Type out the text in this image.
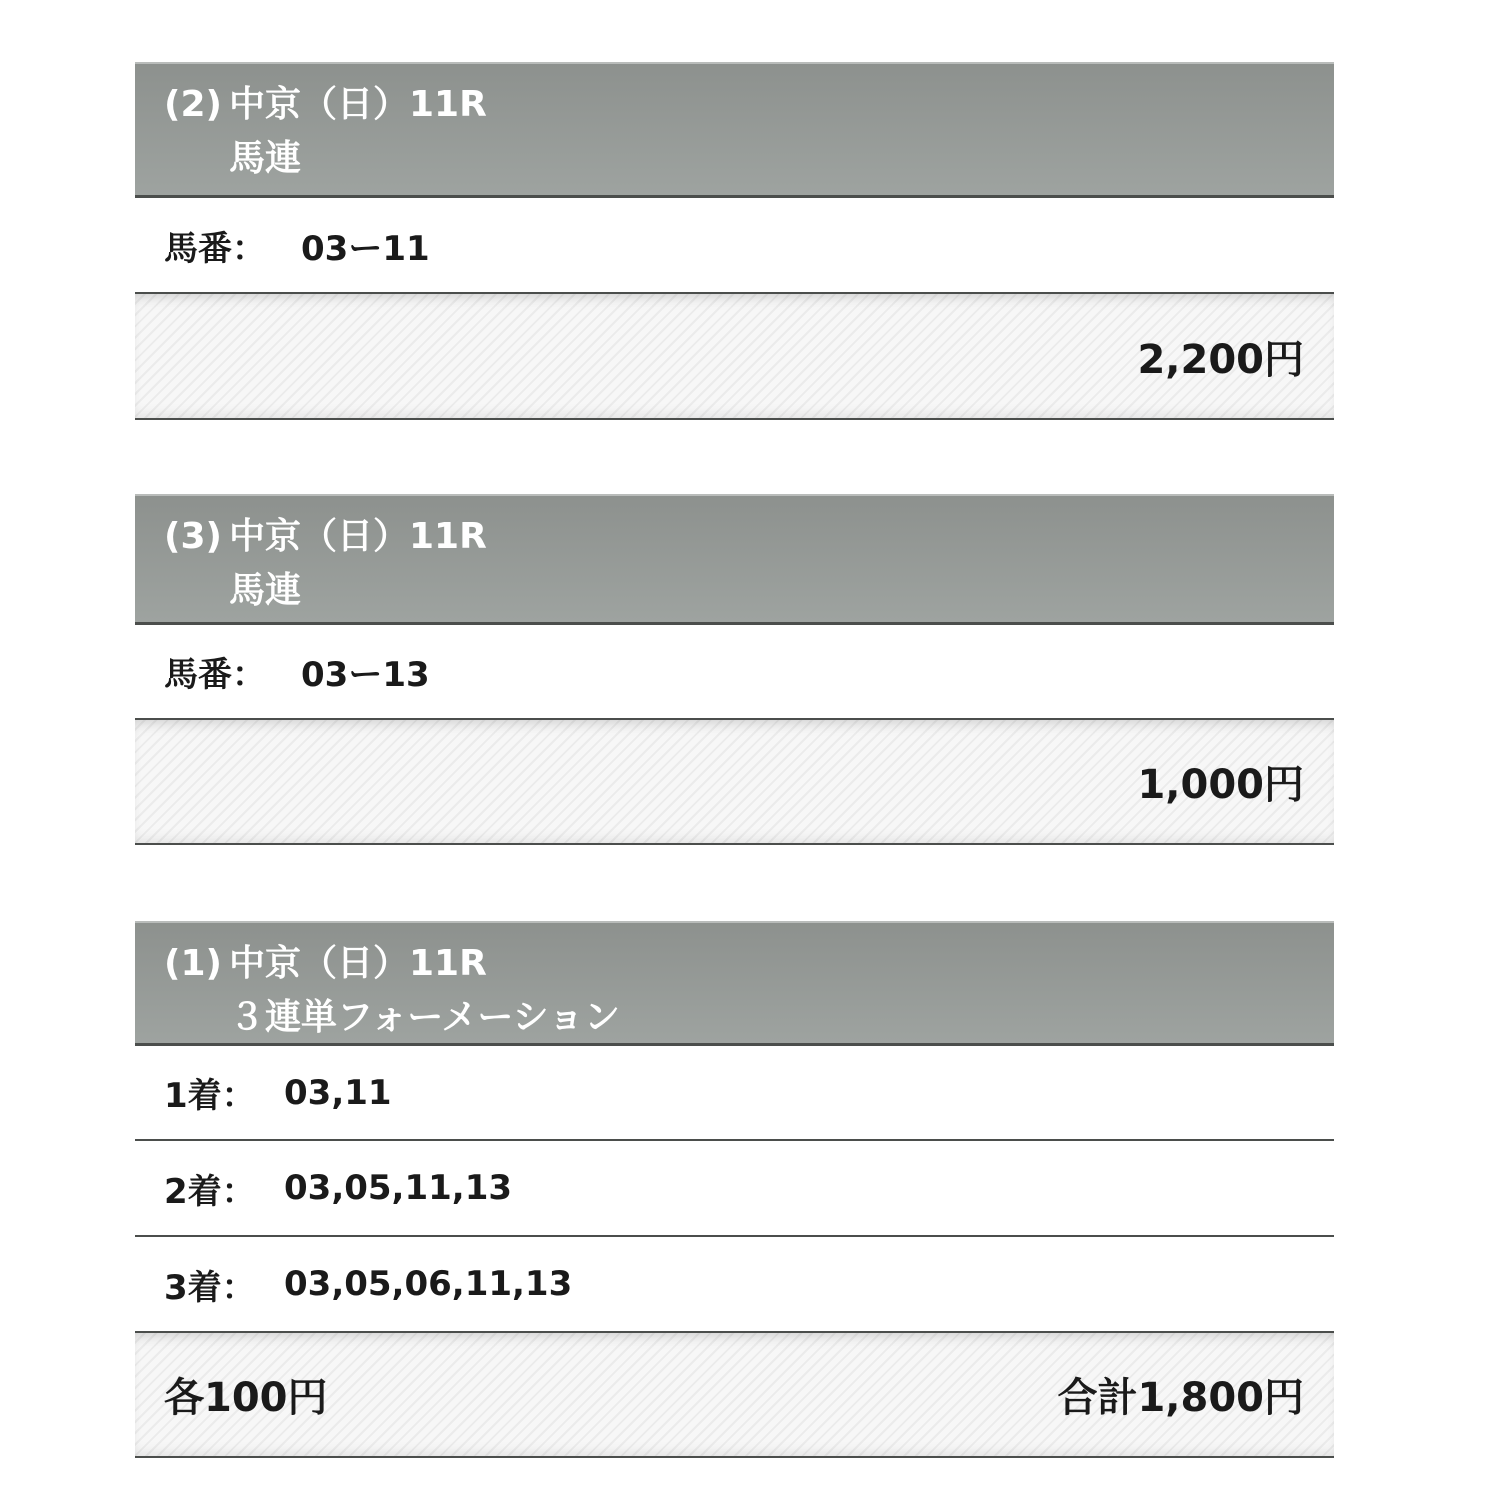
(2) 中京（日）11R
馬連
馬番：	03ー11
2,200円
(3) 中京（日）11R
馬連
馬番：	03ー13
1,000円
(1) 中京（日）11R
３連単フォーメーション
1着： 03,11
2着： 03,05,11,13
3着： 03,05,06,11,13
各100円	合計1,800円
